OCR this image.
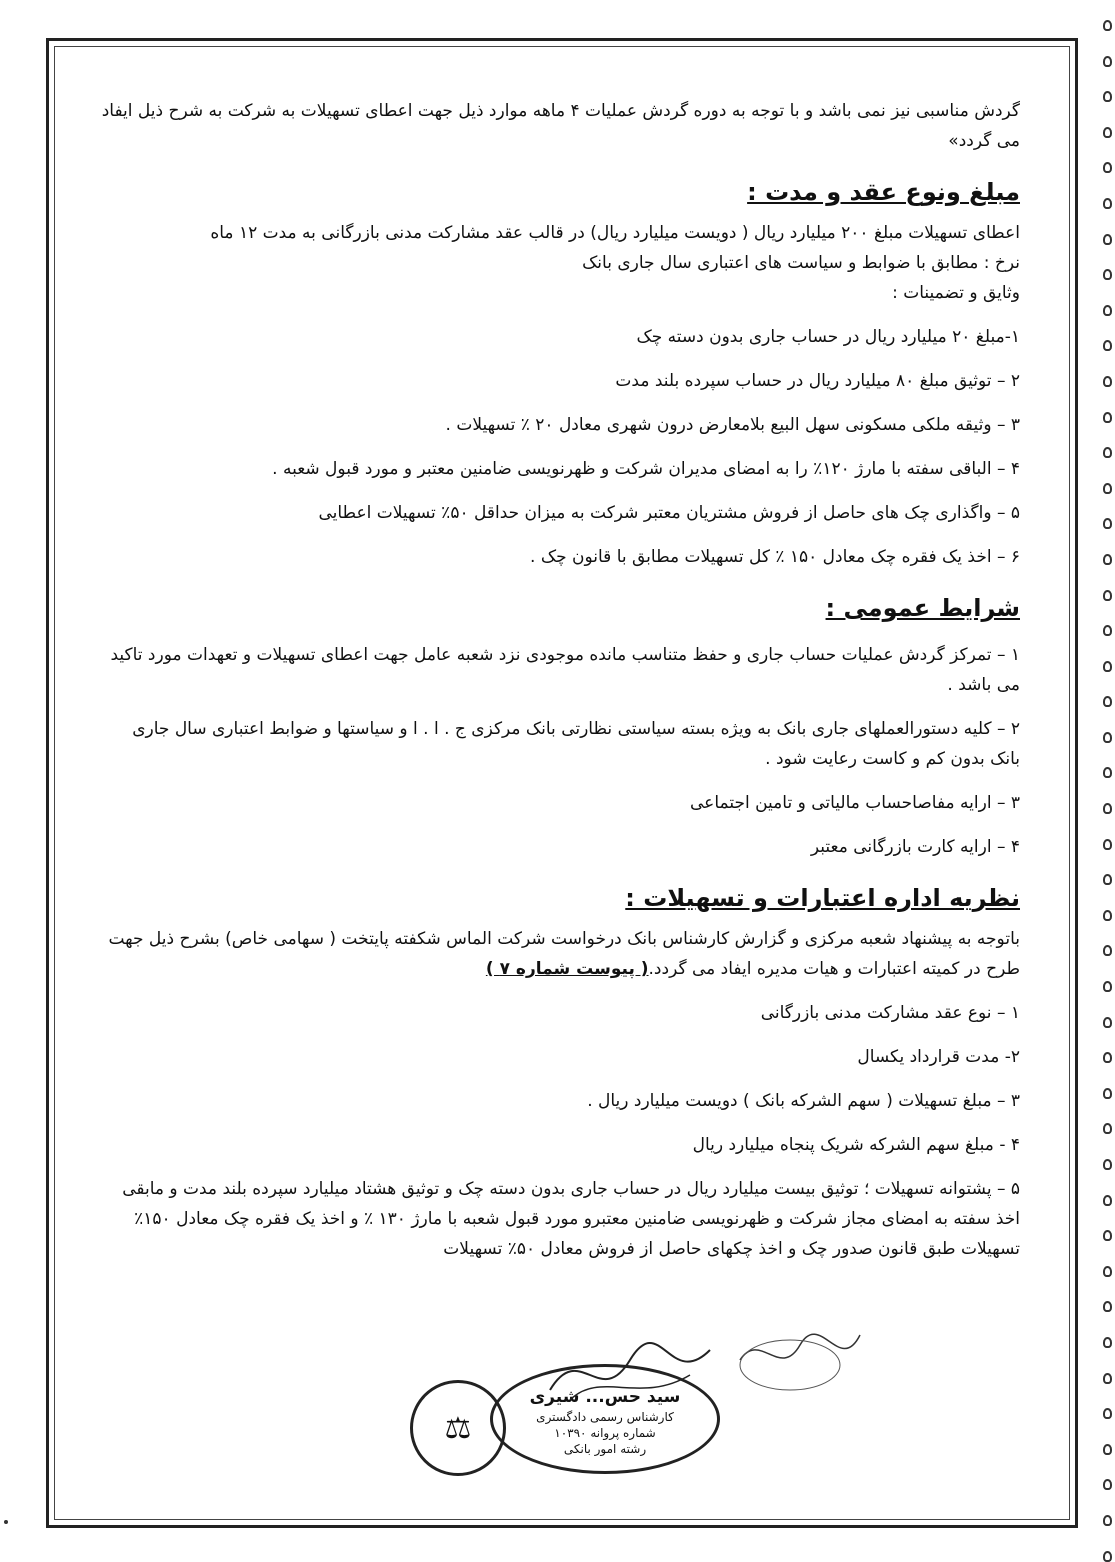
گردش مناسبی نیز نمی باشد و با توجه به دوره گردش عملیات ۴ ماهه موارد ذیل جهت اعطای تسهیلات به شرکت به شرح ذیل ایفاد می گردد»

مبلغ ونوع عقد و مدت :

اعطای تسهیلات مبلغ ۲۰۰ میلیارد ریال ( دویست میلیارد ریال) در قالب عقد مشارکت مدنی بازرگانی به مدت ۱۲ ماه

نرخ : مطابق با ضوابط و سیاست های اعتباری سال جاری بانک

وثایق و تضمینات :

۱-مبلغ ۲۰ میلیارد ریال در حساب جاری بدون دسته چک

۲ – توثیق مبلغ ۸۰ میلیارد ریال در حساب سپرده بلند مدت

۳ – وثیقه ملکی مسکونی سهل البیع بلامعارض درون شهری معادل ۲۰ ٪ تسهیلات .

۴ – الباقی سفته با مارژ ۱۲۰٪ را به امضای مدیران شرکت و ظهرنویسی ضامنین معتبر و مورد قبول شعبه .

۵ – واگذاری چک های حاصل از فروش مشتریان معتبر شرکت به میزان حداقل ۵۰٪ تسهیلات اعطایی

۶ – اخذ یک فقره چک معادل ۱۵۰ ٪ کل تسهیلات مطابق با قانون چک .

شرایط عمومی :

۱ – تمرکز گردش عملیات حساب جاری و حفظ متناسب مانده موجودی نزد شعبه عامل جهت اعطای تسهیلات و تعهدات مورد تاکید می باشد .

۲ – کلیه دستورالعملهای جاری بانک به ویژه بسته سیاستی نظارتی بانک مرکزی ج . ا . ا و سیاستها و ضوابط اعتباری سال جاری بانک بدون کم و کاست رعایت شود .

۳ – ارایه مفاصاحساب مالیاتی و تامین اجتماعی

۴ – ارایه کارت بازرگانی معتبر

نظریه اداره اعتبارات و تسهیلات :

باتوجه به پیشنهاد شعبه مرکزی و گزارش کارشناس بانک درخواست شرکت الماس شکفته پایتخت ( سهامی خاص) بشرح ذیل جهت طرح در کمیته اعتبارات و هیات مدیره ایفاد می گردد.( پیوست شماره ۷ )

۱ – نوع عقد مشارکت مدنی بازرگانی

۲- مدت قرارداد یکسال

۳ – مبلغ تسهیلات ( سهم الشرکه بانک ) دویست میلیارد ریال .

۴ - مبلغ سهم الشرکه شریک پنجاه میلیارد ریال

۵ – پشتوانه تسهیلات ؛ توثیق بیست میلیارد ریال در حساب جاری بدون دسته چک و توثیق هشتاد میلیارد سپرده بلند مدت و مابقی اخذ سفته به امضای مجاز شرکت و ظهرنویسی ضامنین معتبرو مورد قبول شعبه با مارژ ۱۳۰ ٪ و اخذ یک فقره چک معادل ۱۵۰٪ تسهیلات طبق قانون صدور چک و اخذ چکهای حاصل از فروش معادل ۵۰٪ تسهیلات

⚖
سید حس... شیری
کارشناس رسمی دادگستری
شماره پروانه ۱۰۳۹۰
رشته امور بانکی
